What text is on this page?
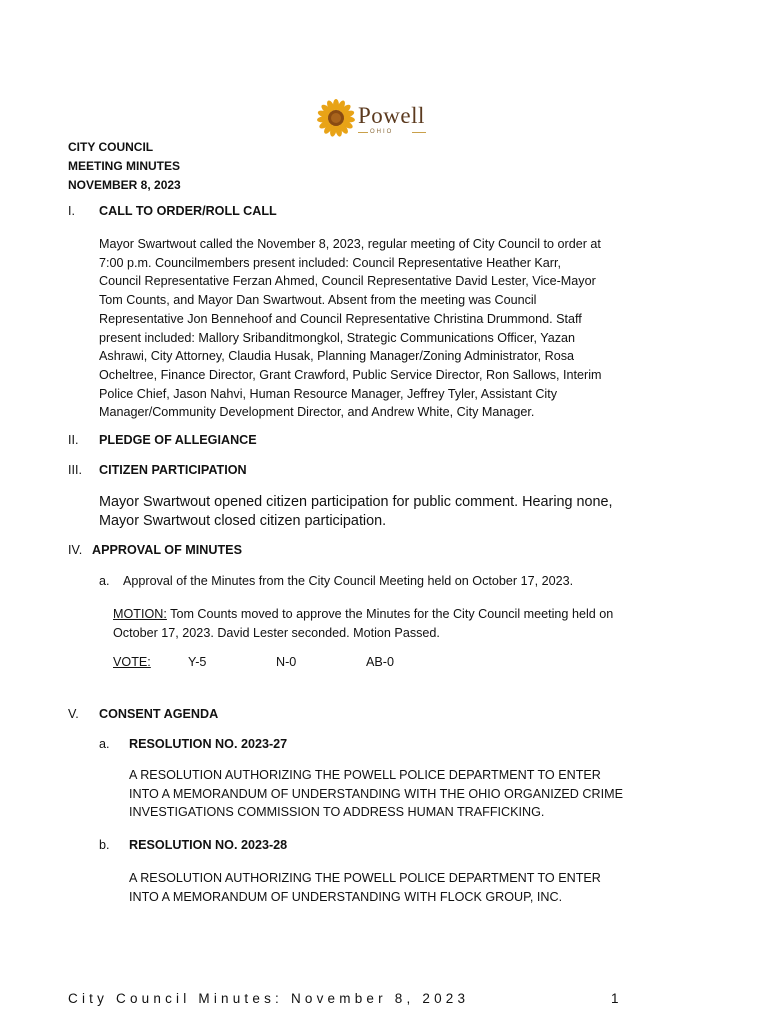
Powell
OHIO
CITY COUNCIL
MEETING MINUTES
NOVEMBER 8, 2023
I. CALL TO ORDER/ROLL CALL
Mayor Swartwout called the November 8, 2023, regular meeting of City Council to order at
7:00 p.m. Councilmembers present included: Council Representative Heather Karr,
Council Representative Ferzan Ahmed, Council Representative David Lester, Vice-Mayor
Tom Counts, and Mayor Dan Swartwout. Absent from the meeting was Council
Representative Jon Bennehoof and Council Representative Christina Drummond. Staff
present included: Mallory Sribanditmongkol, Strategic Communications Officer, Yazan
Ashrawi, City Attorney, Claudia Husak, Planning Manager/Zoning Administrator, Rosa
Ocheltree, Finance Director, Grant Crawford, Public Service Director, Ron Sallows, Interim
Police Chief, Jason Nahvi, Human Resource Manager, Jeffrey Tyler, Assistant City
Manager/Community Development Director, and Andrew White, City Manager.
II. PLEDGE OF ALLEGIANCE
III. CITIZEN PARTICIPATION
Mayor Swartwout opened citizen participation for public comment. Hearing none,
Mayor Swartwout closed citizen participation.
IV. APPROVAL OF MINUTES
a. Approval of the Minutes from the City Council Meeting held on October 17, 2023.
MOTION: Tom Counts moved to approve the Minutes for the City Council meeting held on
October 17, 2023. David Lester seconded. Motion Passed.
VOTE:	Y-5	N-0	AB-0
V. CONSENT AGENDA
a. RESOLUTION NO. 2023-27
A RESOLUTION AUTHORIZING THE POWELL POLICE DEPARTMENT TO ENTER
INTO A MEMORANDUM OF UNDERSTANDING WITH THE OHIO ORGANIZED CRIME
INVESTIGATIONS COMMISSION TO ADDRESS HUMAN TRAFFICKING.
b. RESOLUTION NO. 2023-28
A RESOLUTION AUTHORIZING THE POWELL POLICE DEPARTMENT TO ENTER
INTO A MEMORANDUM OF UNDERSTANDING WITH FLOCK GROUP, INC.
City Council Minutes: November 8, 2023	1
